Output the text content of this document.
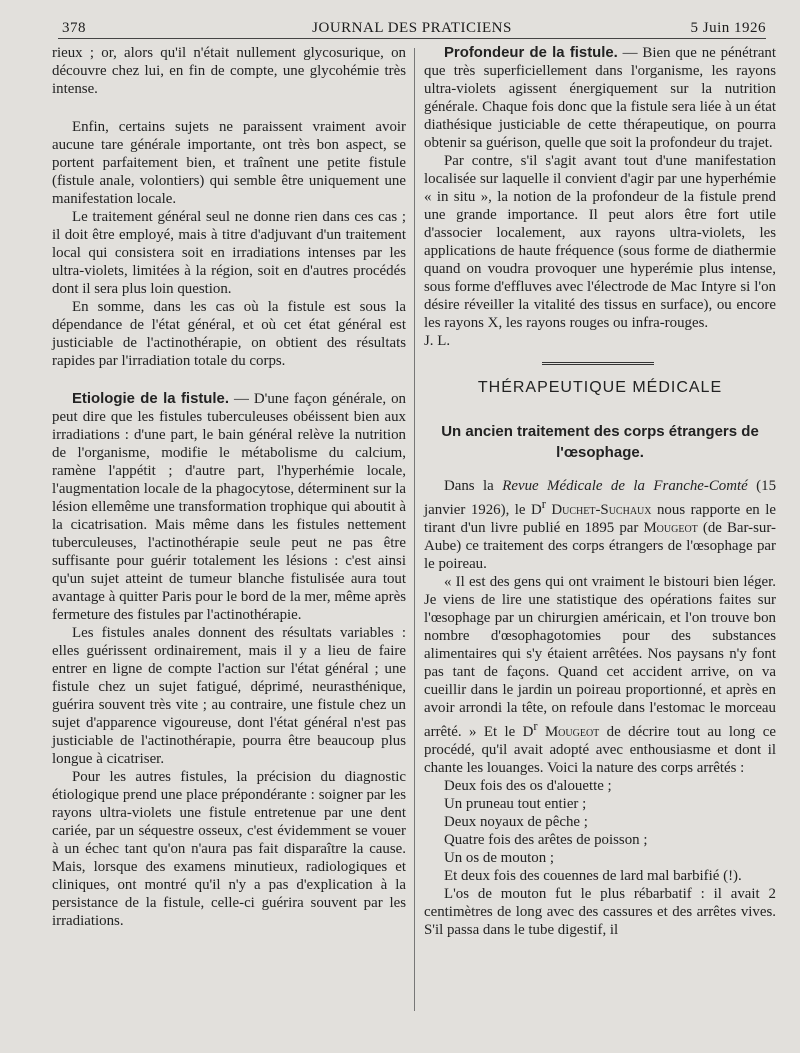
378	JOURNAL DES PRATICIENS	5 Juin 1926

rieux ; or, alors qu'il n'était nullement glycosurique, on découvre chez lui, en fin de compte, une glycohémie très intense.

Enfin, certains sujets ne paraissent vraiment avoir aucune tare générale importante, ont très bon aspect, se portent parfaitement bien, et traînent une petite fistule (fistule anale, volontiers) qui semble être uniquement une manifestation locale.

Le traitement général seul ne donne rien dans ces cas ; il doit être employé, mais à titre d'adjuvant d'un traitement local qui consistera soit en irradiations intenses par les ultra-violets, limitées à la région, soit en d'autres procédés dont il sera plus loin question.

En somme, dans les cas où la fistule est sous la dépendance de l'état général, et où cet état général est justiciable de l'actinothérapie, on obtient des résultats rapides par l'irradiation totale du corps.

Etiologie de la fistule. — D'une façon générale, on peut dire que les fistules tuberculeuses obéissent bien aux irradiations : d'une part, le bain général relève la nutrition de l'organisme, modifie le métabolisme du calcium, ramène l'appétit ; d'autre part, l'hyperhémie locale, l'augmentation locale de la phagocytose, déterminent sur la lésion ellemême une transformation trophique qui aboutit à la cicatrisation. Mais même dans les fistules nettement tuberculeuses, l'actinothérapie seule peut ne pas être suffisante pour guérir totalement les lésions : c'est ainsi qu'un sujet atteint de tumeur blanche fistulisée aura tout avantage à quitter Paris pour le bord de la mer, même après fermeture des fistules par l'actinothérapie.

Les fistules anales donnent des résultats variables : elles guérissent ordinairement, mais il y a lieu de faire entrer en ligne de compte l'action sur l'état général ; une fistule chez un sujet fatigué, déprimé, neurasthénique, guérira souvent très vite ; au contraire, une fistule chez un sujet d'apparence vigoureuse, dont l'état général n'est pas justiciable de l'actinothérapie, pourra être beaucoup plus longue à cicatriser.

Pour les autres fistules, la précision du diagnostic étiologique prend une place prépondérante : soigner par les rayons ultra-violets une fistule entretenue par une dent cariée, par un séquestre osseux, c'est évidemment se vouer à un échec tant qu'on n'aura pas fait disparaître la cause. Mais, lorsque des examens minutieux, radiologiques et cliniques, ont montré qu'il n'y a pas d'explication à la persistance de la fistule, celle-ci guérira souvent par les irradiations.

Profondeur de la fistule. — Bien que ne pénétrant que très superficiellement dans l'organisme, les rayons ultra-violets agissent énergiquement sur la nutrition générale. Chaque fois donc que la fistule sera liée à un état diathésique justiciable de cette thérapeutique, on pourra obtenir sa guérison, quelle que soit la profondeur du trajet.

Par contre, s'il s'agit avant tout d'une manifestation localisée sur laquelle il convient d'agir par une hyperhémie « in situ », la notion de la profondeur de la fistule prend une grande importance. Il peut alors être fort utile d'associer localement, aux rayons ultra-violets, les applications de haute fréquence (sous forme de diathermie quand on voudra provoquer une hyperémie plus intense, sous forme d'effluves avec l'électrode de Mac Intyre si l'on désire réveiller la vitalité des tissus en surface), ou encore les rayons X, les rayons rouges ou infra-rouges.

J. L.

THÉRAPEUTIQUE MÉDICALE
Un ancien traitement des corps étrangers de l'œsophage.

Dans la Revue Médicale de la Franche-Comté (15 janvier 1926), le $D^r$ Duchet-Suchaux nous rapporte en le tirant d'un livre publié en 1895 par Mougeot (de Bar-sur-Aube) ce traitement des corps étrangers de l'œsophage par le poireau.

« Il est des gens qui ont vraiment le bistouri bien léger. Je viens de lire une statistique des opérations faites sur l'œsophage par un chirurgien américain, et l'on trouve bon nombre d'œsophagotomies pour des substances alimentaires qui s'y étaient arrêtées. Nos paysans n'y font pas tant de façons. Quand cet accident arrive, on va cueillir dans le jardin un poireau proportionné, et après en avoir arrondi la tête, on refoule dans l'estomac le morceau arrêté. » Et le $D^r$ Mougeot de décrire tout au long ce procédé, qu'il avait adopté avec enthousiasme et dont il chante les louanges. Voici la nature des corps arrêtés :

Deux fois des os d'alouette ;
Un pruneau tout entier ;
Deux noyaux de pêche ;
Quatre fois des arêtes de poisson ;
Un os de mouton ;
Et deux fois des couennes de lard mal barbifié (!).

L'os de mouton fut le plus rébarbatif : il avait 2 centimètres de long avec des cassures et des arrêtes vives. S'il passa dans le tube digestif, il
